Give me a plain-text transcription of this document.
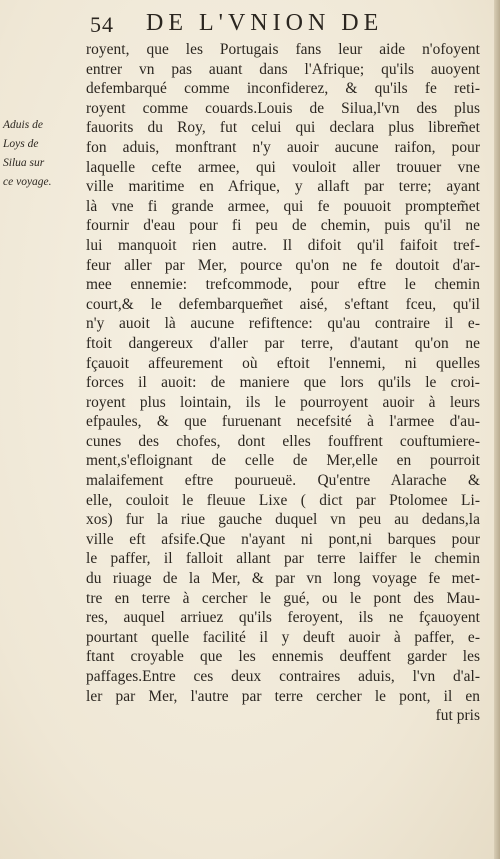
54 DE L'VNION DE
Aduis de
Loys de
Silua sur
ce voyage.
royent, que les Portugais fans leur aide n'ofoyent
entrer vn pas auant dans l'Afrique; qu'ils auoyent
defembarqué comme inconfiderez, & qu'ils fe reti-
royent comme couards.Louis de Silua,l'vn des plus
fauorits du Roy, fut celui qui declara plus librem̃et
fon aduis, monftrant n'y auoir aucune raifon, pour
laquelle cefte armee, qui vouloit aller trouuer vne
ville maritime en Afrique, y allaft par terre; ayant
là vne fi grande armee, qui fe pouuoit promptem̃et
fournir d'eau pour fi peu de chemin, puis qu'il ne
lui manquoit rien autre. Il difoit qu'il faifoit tref-
feur aller par Mer, pource qu'on ne fe doutoit d'ar-
mee ennemie: trefcommode, pour eftre le chemin
court,& le defembarquem̃et aisé, s'eftant fceu, qu'il
n'y auoit là aucune refiftence: qu'au contraire il e-
ftoit dangereux d'aller par terre, d'autant qu'on ne
fçauoit affeurement où eftoit l'ennemi, ni quelles
forces il auoit: de maniere que lors qu'ils le croi-
royent plus lointain, ils le pourroyent auoir à leurs
efpaules, & que furuenant necefsité à l'armee d'au-
cunes des chofes, dont elles fouffrent couftumiere-
ment,s'efloignant de celle de Mer,elle en pourroit
malaifement eftre pourueuë. Qu'entre Alarache &
elle, couloit le fleuue Lixe ( dict par Ptolomee Li-
xos) fur la riue gauche duquel vn peu au dedans,la
ville eft afsife.Que n'ayant ni pont,ni barques pour
le paffer, il falloit allant par terre laiffer le chemin
du riuage de la Mer, & par vn long voyage fe met-
tre en terre à cercher le gué, ou le pont des Mau-
res, auquel arriuez qu'ils feroyent, ils ne fçauoyent
pourtant quelle facilité il y deuft auoir à paffer, e-
ftant croyable que les ennemis deuffent garder les
paffages.Entre ces deux contraires aduis, l'vn d'al-
ler par Mer, l'autre par terre cercher le pont, il en
fut pris
